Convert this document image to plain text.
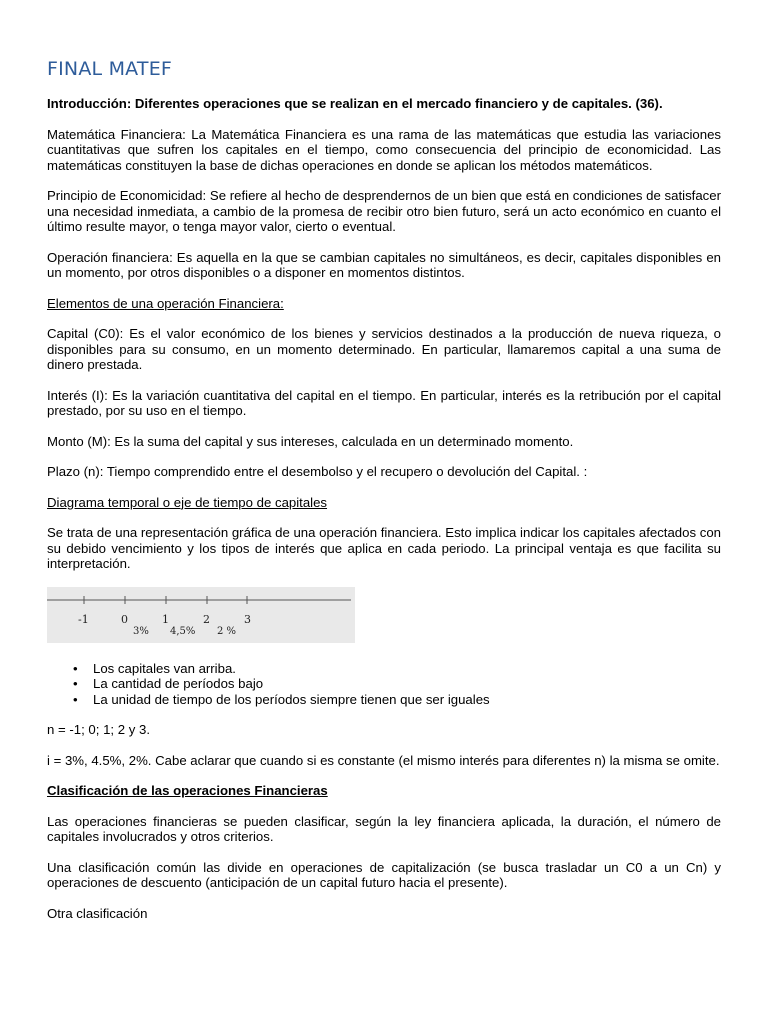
FINAL MATEF

Introducción: Diferentes operaciones que se realizan en el mercado financiero y de capitales. (36).

Matemática Financiera: La Matemática Financiera es una rama de las matemáticas que estudia las variaciones cuantitativas que sufren los capitales en el tiempo, como consecuencia del principio de economicidad. Las matemáticas constituyen la base de dichas operaciones en donde se aplican los métodos matemáticos.

Principio de Economicidad: Se refiere al hecho de desprendernos de un bien que está en condiciones de satisfacer una necesidad inmediata, a cambio de la promesa de recibir otro bien futuro, será un acto económico en cuanto el último resulte mayor, o tenga mayor valor, cierto o eventual.

Operación financiera: Es aquella en la que se cambian capitales no simultáneos, es decir, capitales disponibles en un momento, por otros disponibles o a disponer en momentos distintos.

Elementos de una operación Financiera:

Capital (C0): Es el valor económico de los bienes y servicios destinados a la producción de nueva riqueza, o disponibles para su consumo, en un momento determinado. En particular, llamaremos capital a una suma de dinero prestada.

Interés (I): Es la variación cuantitativa del capital en el tiempo. En particular, interés es la retribución por el capital prestado, por su uso en el tiempo.

Monto (M): Es la suma del capital y sus intereses, calculada en un determinado momento.

Plazo (n): Tiempo comprendido entre el desembolso y el recupero o devolución del Capital. :

Diagrama temporal o eje de tiempo de capitales

Se trata de una representación gráfica de una operación financiera. Esto implica indicar los capitales afectados con su debido vencimiento y los tipos de interés que aplica en cada periodo. La principal ventaja es que facilita su interpretación.

-1	0	1	2	3
3% 4,5% 2 %
• Los capitales van arriba.
• La cantidad de períodos bajo
• La unidad de tiempo de los períodos siempre tienen que ser iguales

n = -1; 0; 1; 2 y 3.

i = 3%, 4.5%, 2%. Cabe aclarar que cuando si es constante (el mismo interés para diferentes n) la misma se omite.

Clasificación de las operaciones Financieras

Las operaciones financieras se pueden clasificar, según la ley financiera aplicada, la duración, el número de capitales involucrados y otros criterios.

Una clasificación común las divide en operaciones de capitalización (se busca trasladar un C0 a un Cn) y operaciones de descuento (anticipación de un capital futuro hacia el presente).

Otra clasificación
